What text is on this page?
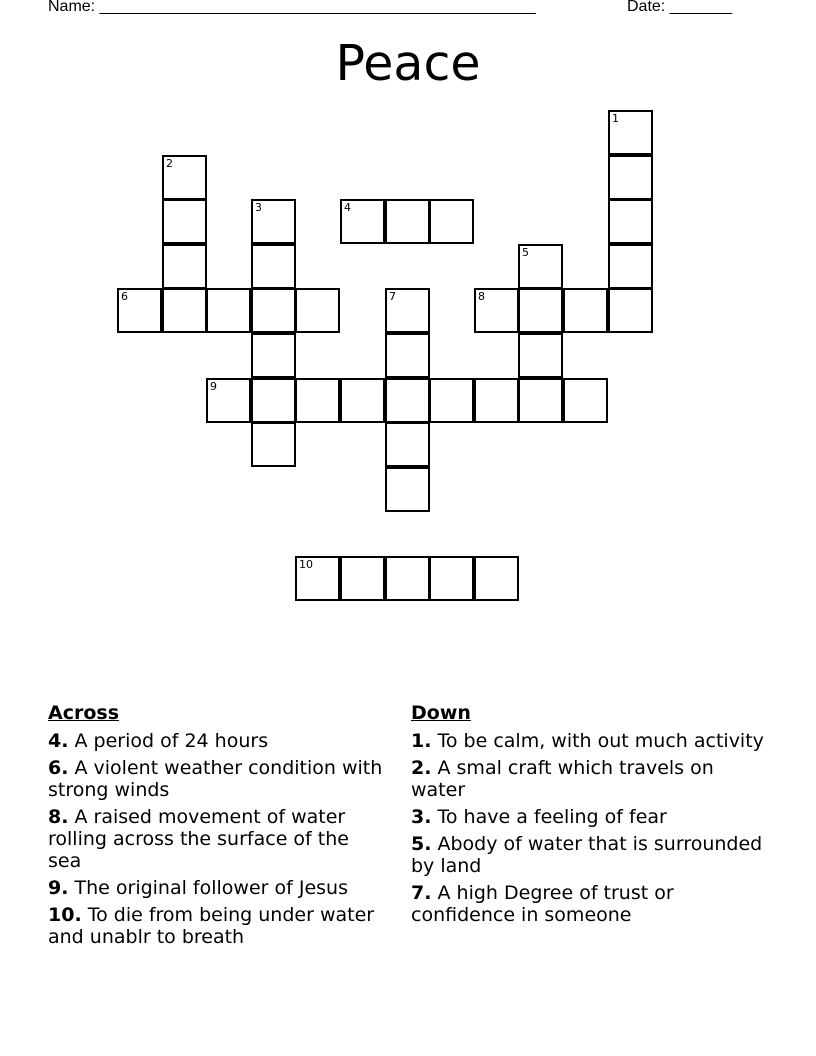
Name: _________________________________________________	Date: _______
Peace
1
2
3	4
5
6	7	8
9
10
Across
4. A period of 24 hours
6. A violent weather condition with strong winds
8. A raised movement of water rolling across the surface of the sea
9. The original follower of Jesus
10. To die from being under water and unablr to breath
Down
1. To be calm, with out much activity
2. A smal craft which travels on water
3. To have a feeling of fear
5. Abody of water that is surrounded by land
7. A high Degree of trust or confidence in someone
